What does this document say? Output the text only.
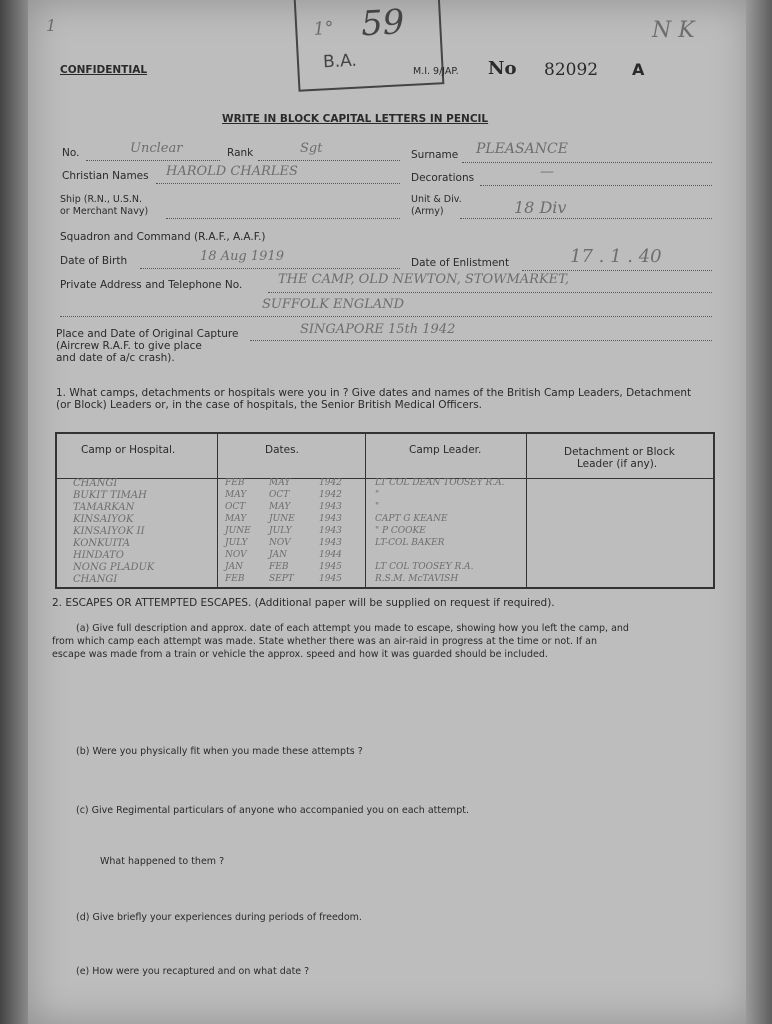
1
CONFIDENTIAL
1° 59
B.A.	M.I. 9/JAP. No 82092 A
N K
WRITE IN BLOCK CAPITAL LETTERS IN PENCIL
No.	Unclear	Rank	Sgt	Surname PLEASANCE
Christian Names HAROLD CHARLES	Decorations	—
Ship (R.N., U.S.N.
or Merchant Navy)
Unit & Div.
(Army)	18 Div
Squadron and Command (R.A.F., A.A.F.)
Date of Birth	18 Aug 1919	Date of Enlistment	17 . 1 . 40
Private Address and Telephone No.	THE CAMP, OLD NEWTON, STOWMARKET,
SUFFOLK ENGLAND
Place and Date of Original Capture
(Aircrew R.A.F. to give place
and date of a/c crash).
SINGAPORE 15th 1942
1. What camps, detachments or hospitals were you in ? Give dates and names of the British Camp Leaders, Detachment
(or Block) Leaders or, in the case of hospitals, the Senior British Medical Officers.
Camp or Hospital.	Dates.	Camp Leader.	Detachment or Block
Leader (if any).
CHANGI	FEB	MAY	1942	LT COL DEAN TOOSEY R.A.
BUKIT TIMAH	MAY	OCT	1942	"
TAMARKAN	OCT	MAY	1943	"
KINSAIYOK	MAY	JUNE	1943	CAPT G KEANE
KINSAIYOK II	JUNE JULY	1943	" P COOKE
KONKUITA	JULY NOV	1943	LT-COL BAKER
HINDATO	NOV JAN	1944
NONG PLADUK	JAN	FEB	1945	LT COL TOOSEY R.A.
CHANGI	FEB	SEPT	1945	R.S.M. McTAVISH
2. ESCAPES OR ATTEMPTED ESCAPES. (Additional paper will be supplied on request if required).
(a) Give full description and approx. date of each attempt you made to escape, showing how you left the camp, and
from which camp each attempt was made. State whether there was an air-raid in progress at the time or not. If an
escape was made from a train or vehicle the approx. speed and how it was guarded should be included.
(b) Were you physically fit when you made these attempts ?
(c) Give Regimental particulars of anyone who accompanied you on each attempt.
What happened to them ?
(d) Give briefly your experiences during periods of freedom.
(e) How were you recaptured and on what date ?
